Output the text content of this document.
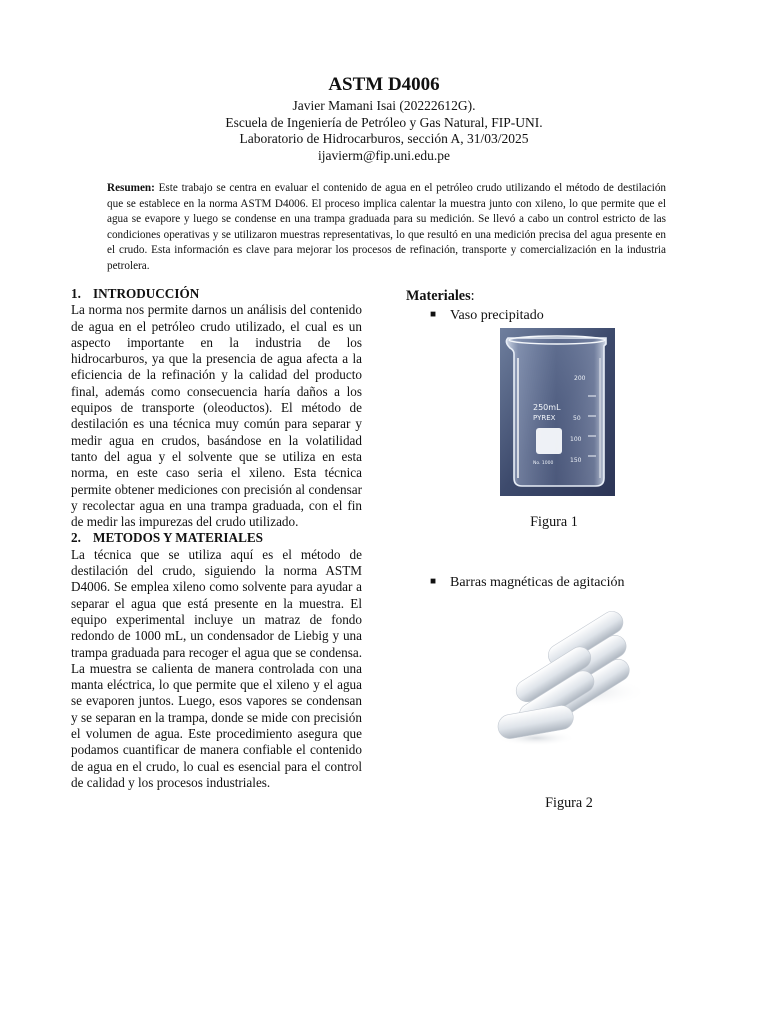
ASTM D4006
Javier Mamani Isai (20222612G).
Escuela de Ingeniería de Petróleo y Gas Natural, FIP-UNI.
Laboratorio de Hidrocarburos, sección A, 31/03/2025
ijavierm@fip.uni.edu.pe

Resumen: Este trabajo se centra en evaluar el contenido de agua en el petróleo crudo utilizando el método de destilación que se establece en la norma ASTM D4006. El proceso implica calentar la muestra junto con xileno, lo que permite que el agua se evapore y luego se condense en una trampa graduada para su medición. Se llevó a cabo un control estricto de las condiciones operativas y se utilizaron muestras representativas, lo que resultó en una medición precisa del agua presente en el crudo. Esta información es clave para mejorar los procesos de refinación, transporte y comercialización en la industria petrolera.

1. INTRODUCCIÓN

La norma nos permite darnos un análisis del contenido de agua en el petróleo crudo utilizado, el cual es un aspecto importante en la industria de los hidrocarburos, ya que la presencia de agua afecta a la eficiencia de la refinación y la calidad del producto final, además como consecuencia haría daños a los equipos de transporte (oleoductos). El método de destilación es una técnica muy común para separar y medir agua en crudos, basándose en la volatilidad tanto del agua y el solvente que se utiliza en esta norma, en este caso seria el xileno. Esta técnica permite obtener mediciones con precisión al condensar y recolectar agua en una trampa graduada, con el fin de medir las impurezas del crudo utilizado.

2. METODOS Y MATERIALES

La técnica que se utiliza aquí es el método de destilación del crudo, siguiendo la norma ASTM D4006. Se emplea xileno como solvente para ayudar a separar el agua que está presente en la muestra. El equipo experimental incluye un matraz de fondo redondo de 1000 mL, un condensador de Liebig y una trampa graduada para recoger el agua que se condensa. La muestra se calienta de manera controlada con una manta eléctrica, lo que permite que el xileno y el agua se evaporen juntos. Luego, esos vapores se condensan y se separan en la trampa, donde se mide con precisión el volumen de agua. Este procedimiento asegura que podamos cuantificar de manera confiable el contenido de agua en el crudo, lo cual es esencial para el control de calidad y los procesos industriales.

Materiales:

■ Vaso precipitado
200
50
100
150
250mL
PYREX
No. 1000
Figura 1
■ Barras magnéticas de agitación
Figura 2
